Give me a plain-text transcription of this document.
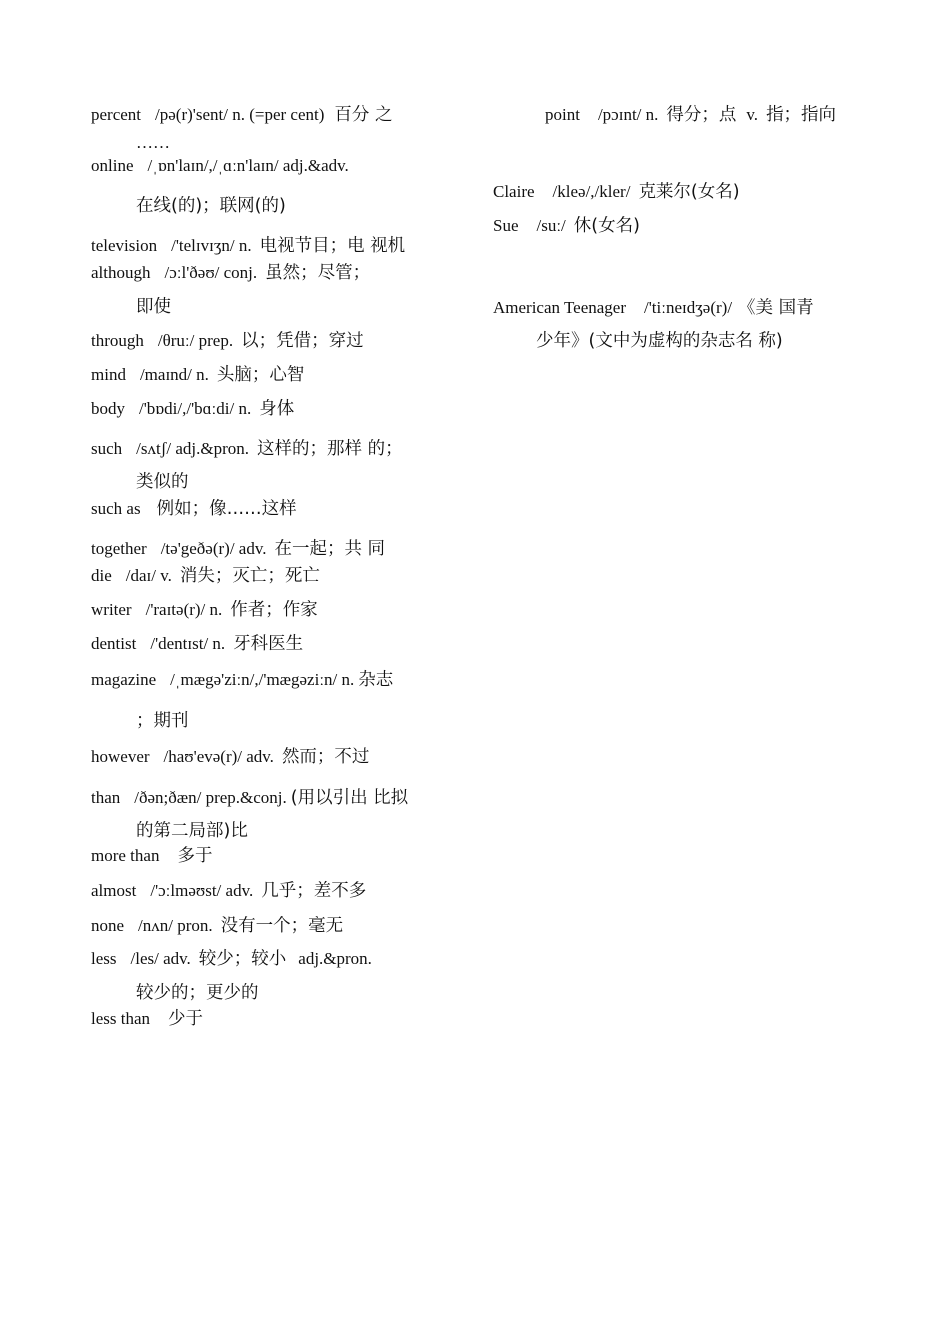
percent /pə(r)'sent/ n. (=per cent) 百分 之
……
online /ˌɒn'laɪn/,/ˌɑːn'laɪn/ adj.&adv.
在线(的)；联网(的)
television /'telɪvɪʒn/ n. 电视节目；电 视机
although /ɔːl'ðəʊ/ conj. 虽然；尽管；
即使
through /θruː/ prep. 以；凭借；穿过
mind /maɪnd/ n. 头脑；心智
body /'bɒdi/,/'bɑːdi/ n. 身体
such /sʌtʃ/ adj.&pron. 这样的；那样 的；
类似的
such as 例如；像……这样
together /tə'geðə(r)/ adv. 在一起；共 同
die /daɪ/ v. 消失；灭亡；死亡
writer /'raɪtə(r)/ n. 作者；作家
dentist /'dentɪst/ n. 牙科医生
magazine /ˌmægə'ziːn/,/'mægəziːn/ n. 杂志
；期刊
however /haʊ'evə(r)/ adv. 然而；不过
than /ðən;ðæn/ prep.&conj. (用以引出 比拟
的第二局部)比
more than 多于
almost /'ɔːlməʊst/ adv. 几乎；差不多
none /nʌn/ pron. 没有一个；毫无
less /les/ adv. 较少；较小 adj.&pron.
较少的；更少的
less than 少于
point /pɔɪnt/ n. 得分；点 v. 指；指向
Claire /kleə/,/kler/ 克莱尔(女名)
Sue /suː/ 休(女名)
American Teenager /'tiːneɪdʒə(r)/ 《美 国青
少年》(文中为虚构的杂志名 称)
